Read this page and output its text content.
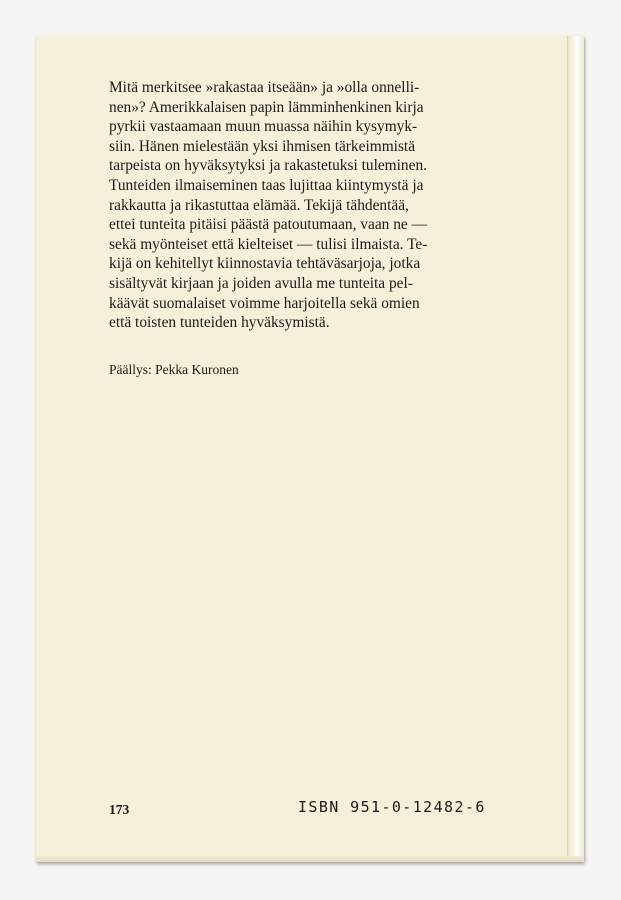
Mitä merkitsee »rakastaa itseään» ja »olla onnelli-
nen»? Amerikkalaisen papin lämminhenkinen kirja
pyrkii vastaamaan muun muassa näihin kysymyk-
siin. Hänen mielestään yksi ihmisen tärkeimmistä
tarpeista on hyväksytyksi ja rakastetuksi tuleminen.
Tunteiden ilmaiseminen taas lujittaa kiintymystä ja
rakkautta ja rikastuttaa elämää. Tekijä tähdentää,
ettei tunteita pitäisi päästä patoutumaan, vaan ne —
sekä myönteiset että kielteiset — tulisi ilmaista. Te-
kijä on kehitellyt kiinnostavia tehtäväsarjoja, jotka
sisältyvät kirjaan ja joiden avulla me tunteita pel-
käävät suomalaiset voimme harjoitella sekä omien
että toisten tunteiden hyväksymistä.

Päällys: Pekka Kuronen

173	ISBN 951-0-12482-6
